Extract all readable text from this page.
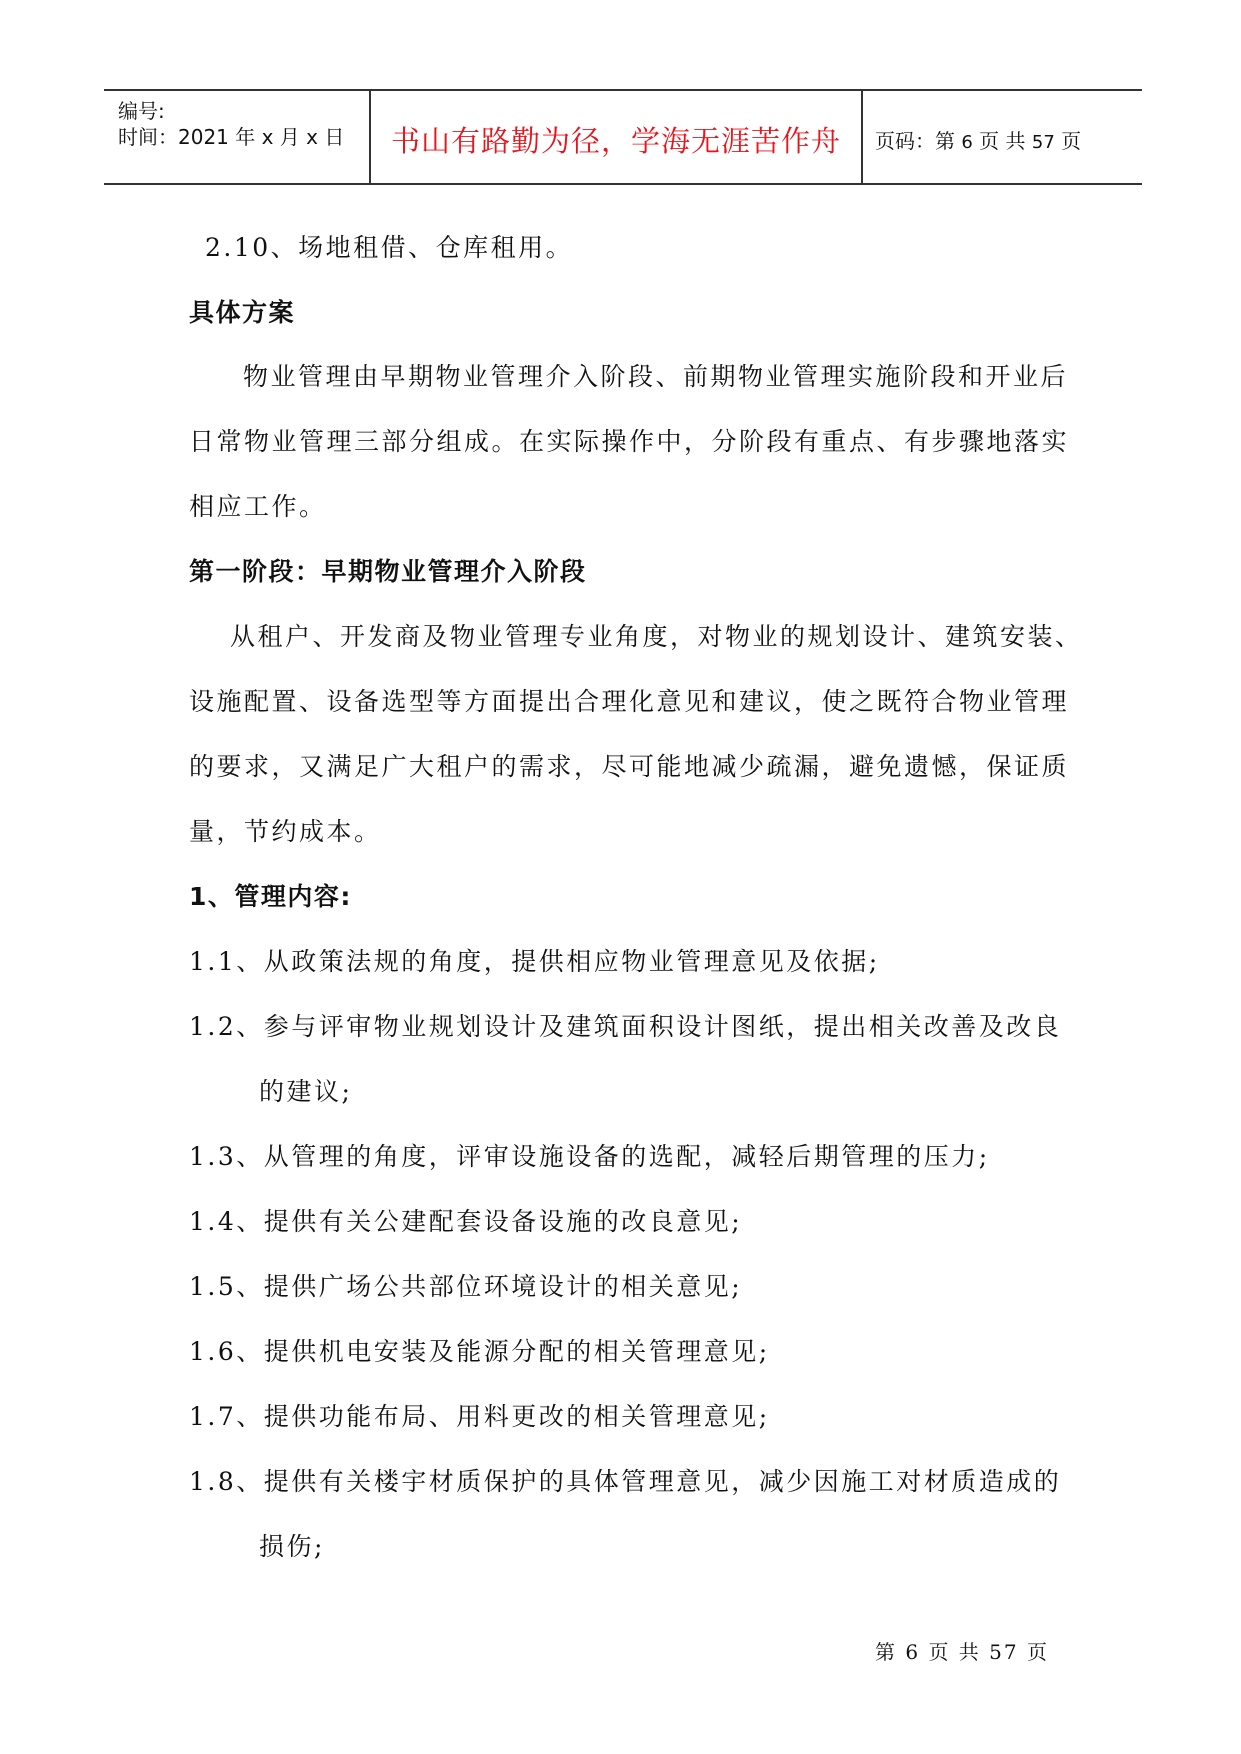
编号:
时间：2021 年 x 月 x 日	书山有路勤为径，学海无涯苦作舟	页码：第 6 页 共 57 页
2.10、场地租借、仓库租用。
具体方案
物业管理由早期物业管理介入阶段、前期物业管理实施阶段和开业后
日常物业管理三部分组成。在实际操作中，分阶段有重点、有步骤地落实
相应工作。
第一阶段：早期物业管理介入阶段
从租户、开发商及物业管理专业角度，对物业的规划设计、建筑安装、
设施配置、设备选型等方面提出合理化意见和建议，使之既符合物业管理
的要求，又满足广大租户的需求，尽可能地减少疏漏，避免遗憾，保证质
量，节约成本。
1、管理内容:
1.1、从政策法规的角度，提供相应物业管理意见及依据;
1.2、参与评审物业规划设计及建筑面积设计图纸，提出相关改善及改良
的建议;
1.3、从管理的角度，评审设施设备的选配，减轻后期管理的压力;
1.4、提供有关公建配套设备设施的改良意见;
1.5、提供广场公共部位环境设计的相关意见;
1.6、提供机电安装及能源分配的相关管理意见;
1.7、提供功能布局、用料更改的相关管理意见;
1.8、提供有关楼宇材质保护的具体管理意见，减少因施工对材质造成的
损伤;
第 6 页 共 57 页
